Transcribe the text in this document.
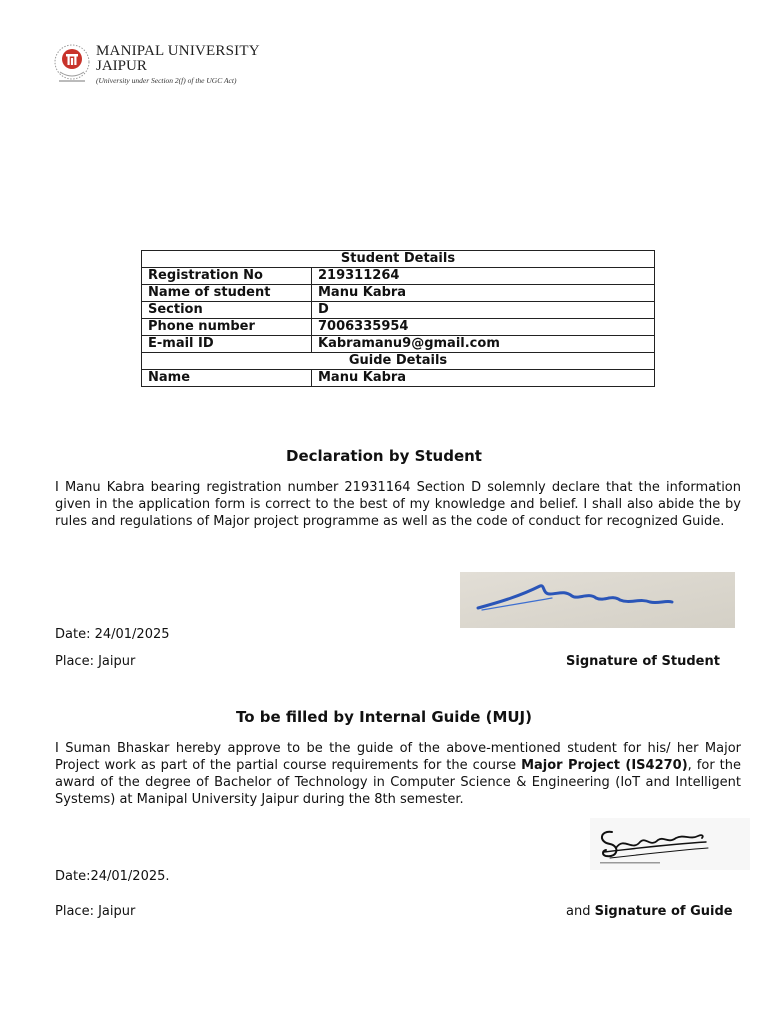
MANIPAL UNIVERSITY
JAIPUR
(University under Section 2(f) of the UGC Act)
Student Details	
Registration No	219311264
Name of student	Manu Kabra
Section	D
Phone number	7006335954
E-mail ID	Kabramanu9@gmail.com
Guide Details	
Name	Manu Kabra
Declaration by Student

I Manu Kabra bearing registration number 21931164 Section D solemnly declare that the information given in the application form is correct to the best of my knowledge and belief. I shall also abide the by rules and regulations of Major project programme as well as the code of conduct for recognized Guide.

Date: 24/01/2025
Place: Jaipur	Signature of Student
To be filled by Internal Guide (MUJ)

I Suman Bhaskar hereby approve to be the guide of the above-mentioned student for his/ her Major Project work as part of the partial course requirements for the course Major Project (IS4270), for the award of the degree of Bachelor of Technology in Computer Science & Engineering (IoT and Intelligent Systems) at Manipal University Jaipur during the 8th semester.

Date:24/01/2025.
Place: Jaipur	and Signature of Guide
